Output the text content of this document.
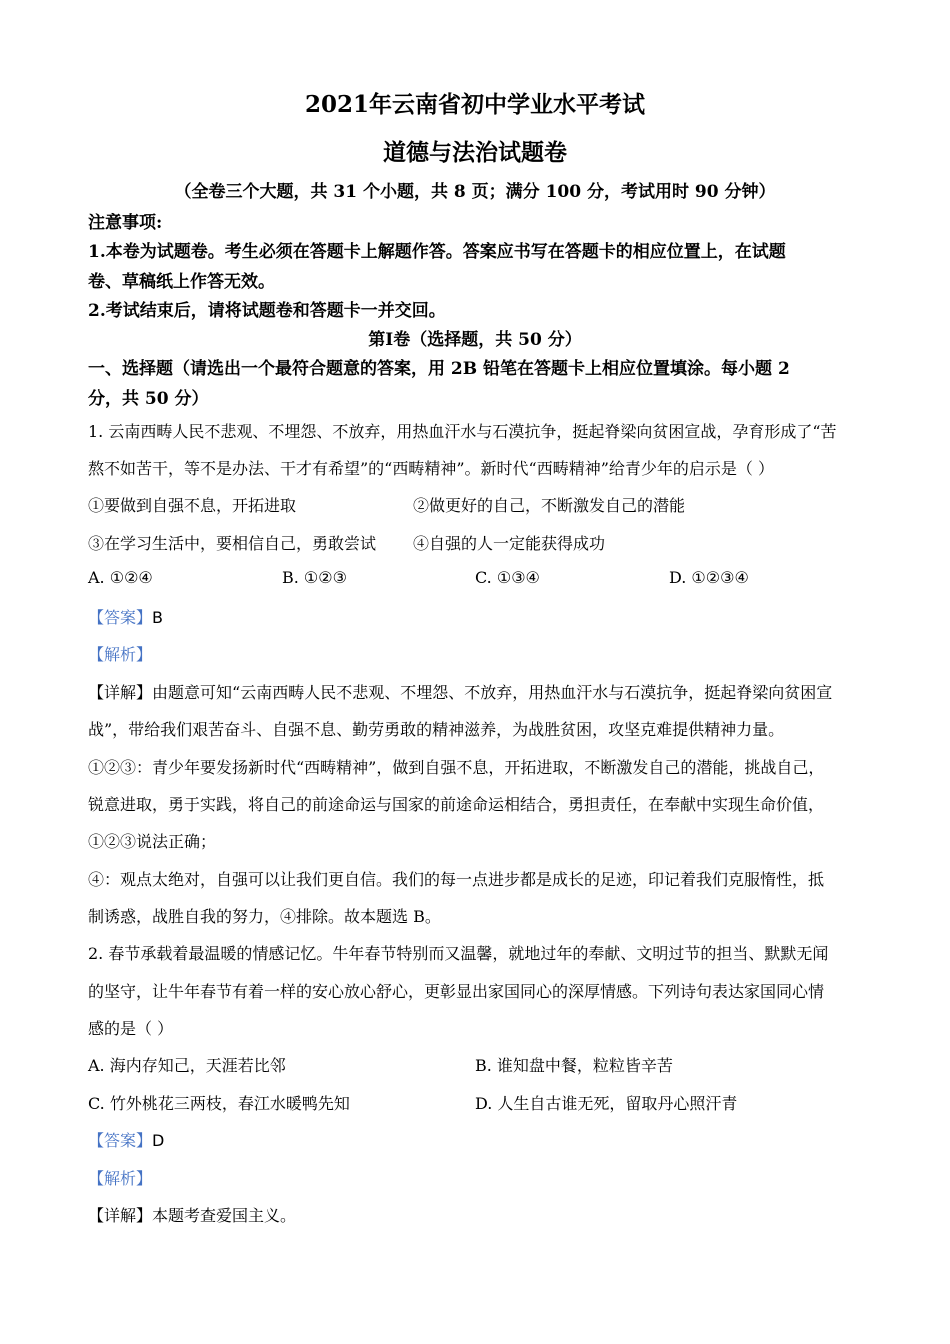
2021年云南省初中学业水平考试
道德与法治试题卷
（全卷三个大题，共 31 个小题，共 8 页；满分 100 分，考试用时 90 分钟）
注意事项:
1.本卷为试题卷。考生必须在答题卡上解题作答。答案应书写在答题卡的相应位置上，在试题
卷、草稿纸上作答无效。
2.考试结束后，请将试题卷和答题卡一并交回。
第Ⅰ卷（选择题，共 50 分）
一、选择题（请选出一个最符合题意的答案，用 2B 铅笔在答题卡上相应位置填涂。每小题 2
分，共 50 分）
1. 云南西畴人民不悲观、不埋怨、不放弃，用热血汗水与石漠抗争，挺起脊梁向贫困宣战，孕育形成了“苦
熬不如苦干，等不是办法、干才有希望”的“西畴精神”。新时代“西畴精神”给青少年的启示是（ ）
①要做到自强不息，开拓进取	②做更好的自己，不断激发自己的潜能
③在学习生活中，要相信自己，勇敢尝试 ④自强的人一定能获得成功
A. ①②④	B. ①②③	C. ①③④	D. ①②③④
【答案】B
【解析】
【详解】由题意可知“云南西畴人民不悲观、不埋怨、不放弃，用热血汗水与石漠抗争，挺起脊梁向贫困宣
战”，带给我们艰苦奋斗、自强不息、勤劳勇敢的精神滋养，为战胜贫困，攻坚克难提供精神力量。
①②③：青少年要发扬新时代“西畴精神”，做到自强不息，开拓进取，不断激发自己的潜能，挑战自己，
锐意进取，勇于实践，将自己的前途命运与国家的前途命运相结合，勇担责任，在奉献中实现生命价值，
①②③说法正确；
④：观点太绝对，自强可以让我们更自信。我们的每一点进步都是成长的足迹，印记着我们克服惰性，抵
制诱惑，战胜自我的努力，④排除。故本题选 B。
2. 春节承载着最温暖的情感记忆。牛年春节特别而又温馨，就地过年的奉献、文明过节的担当、默默无闻
的坚守，让牛年春节有着一样的安心放心舒心，更彰显出家国同心的深厚情感。下列诗句表达家国同心情
感的是（ ）
A. 海内存知己，天涯若比邻	B. 谁知盘中餐，粒粒皆辛苦
C. 竹外桃花三两枝，春江水暖鸭先知	D. 人生自古谁无死，留取丹心照汗青
【答案】D
【解析】
【详解】本题考查爱国主义。
